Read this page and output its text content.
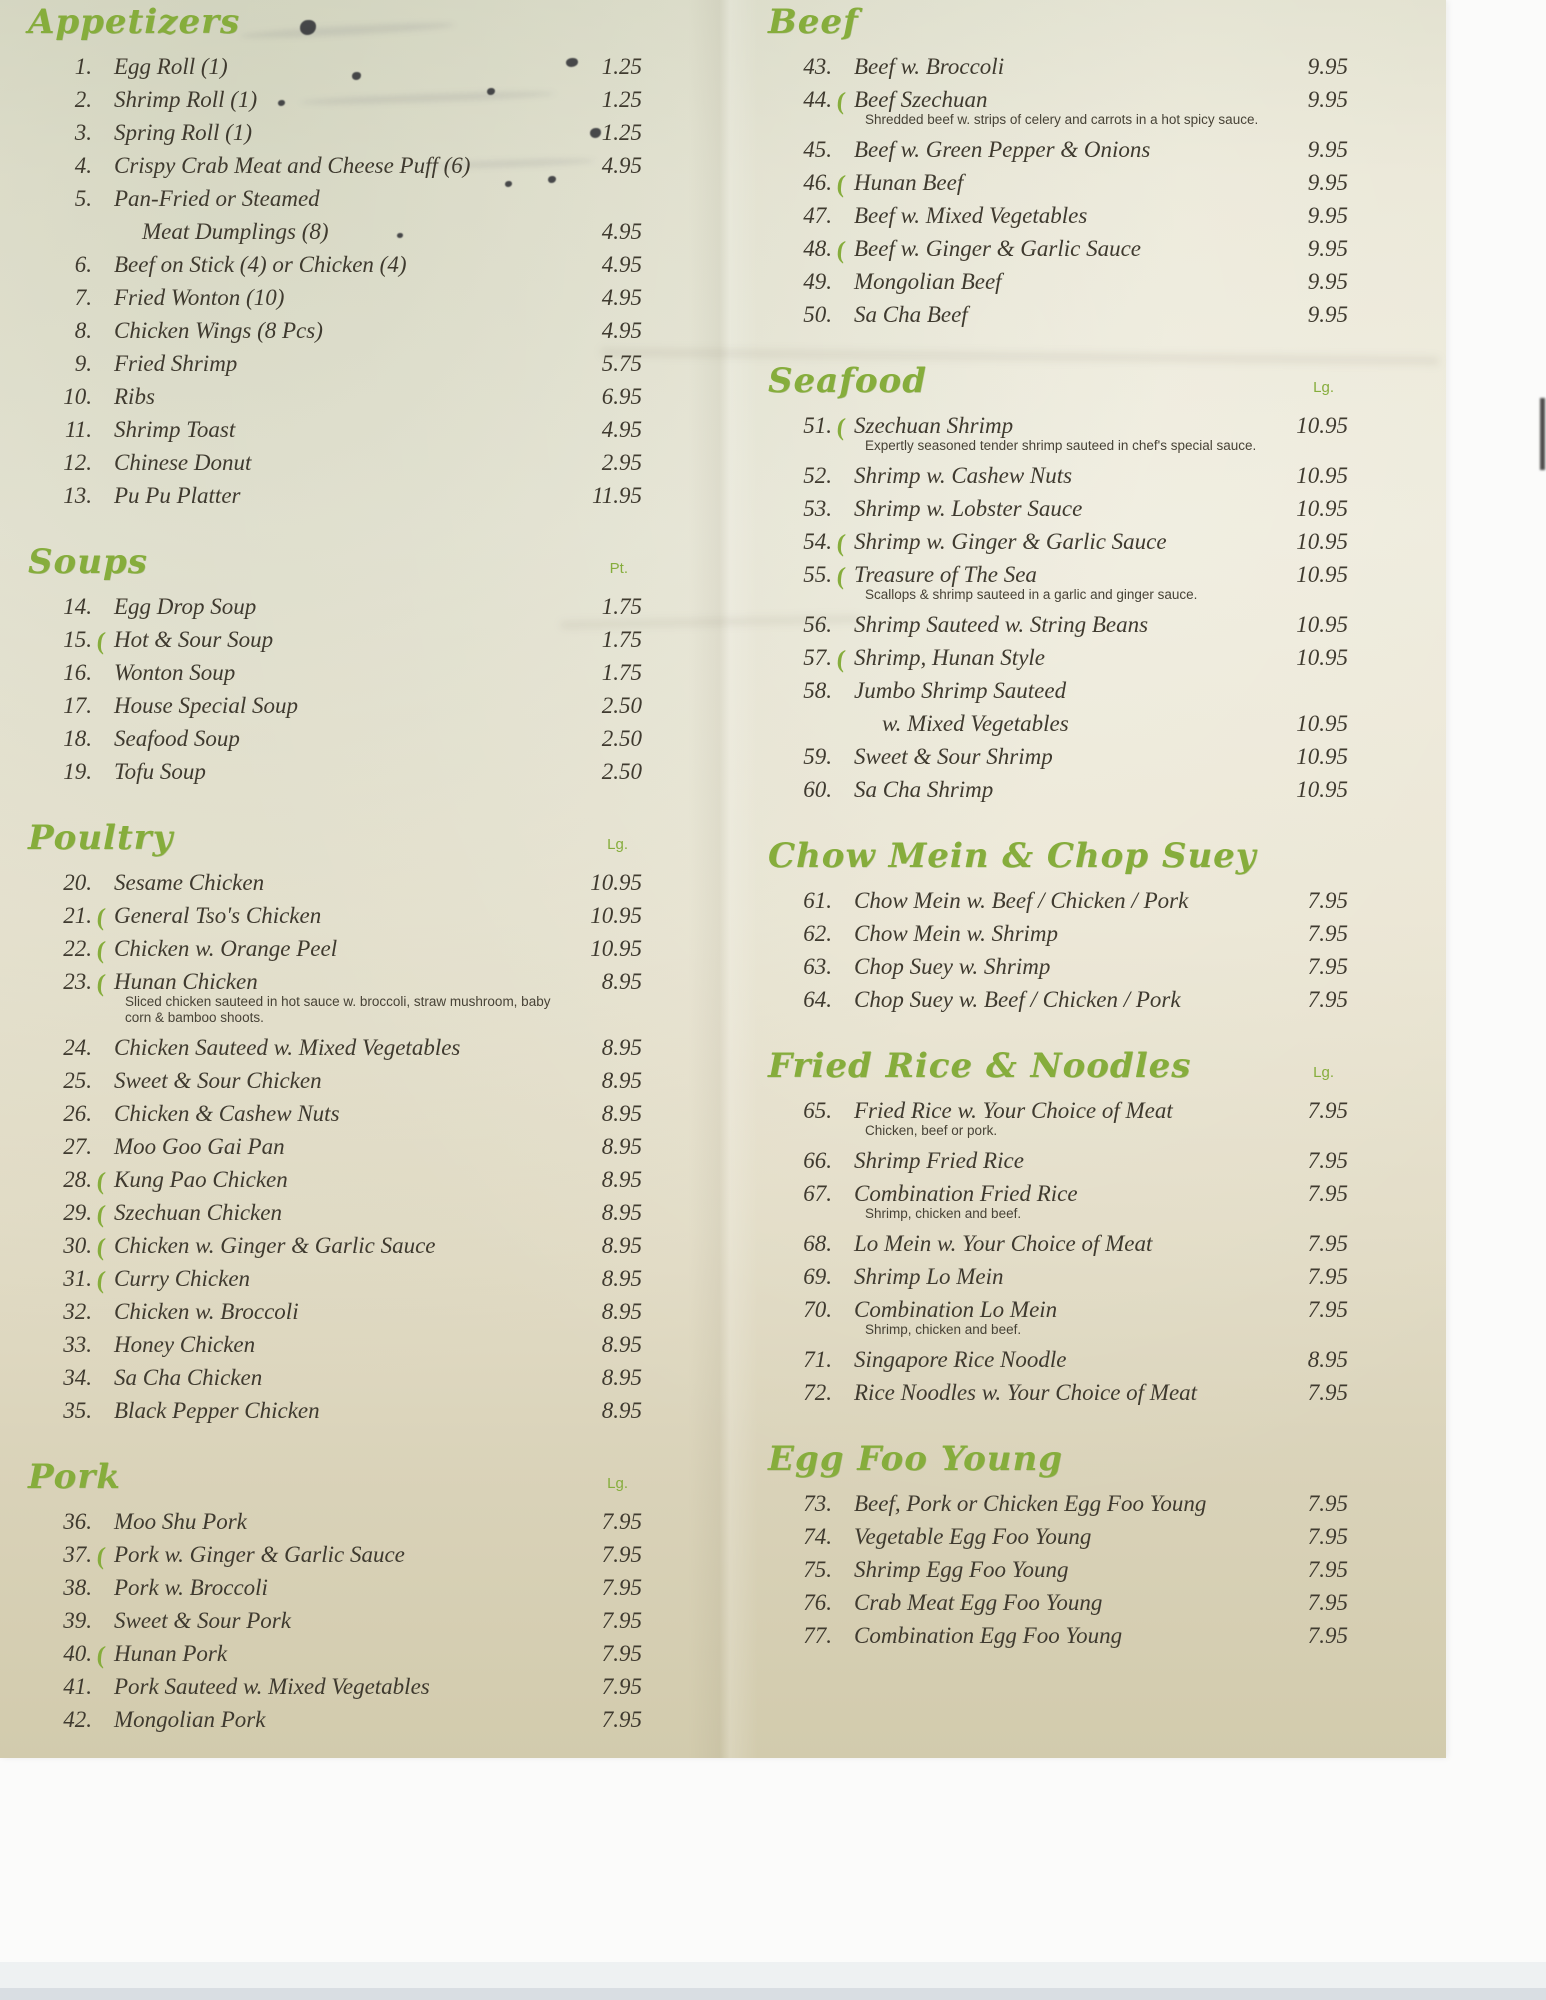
Appetizers
1. Egg Roll (1)	1.25
2. Shrimp Roll (1)	1.25
3. Spring Roll (1)	1.25
4. Crispy Crab Meat and Cheese Puff (6)	4.95
5. Pan-Fried or Steamed
Meat Dumplings (8)	4.95
6. Beef on Stick (4) or Chicken (4)	4.95
7. Fried Wonton (10)	4.95
8. Chicken Wings (8 Pcs)	4.95
9. Fried Shrimp	5.75
10. Ribs	6.95
11. Shrimp Toast	4.95
12. Chinese Donut	2.95
13. Pu Pu Platter	11.95
Soups	Pt.
14. Egg Drop Soup	1.75
15. ( Hot & Sour Soup	1.75
16. Wonton Soup	1.75
17. House Special Soup	2.50
18. Seafood Soup	2.50
19. Tofu Soup	2.50
Poultry	Lg.
20. Sesame Chicken	10.95
21. ( General Tso's Chicken	10.95
22. ( Chicken w. Orange Peel	10.95
23. ( Hunan Chicken	8.95
Sliced chicken sauteed in hot sauce w. broccoli, straw mushroom, baby corn & bamboo shoots.
24. Chicken Sauteed w. Mixed Vegetables	8.95
25. Sweet & Sour Chicken	8.95
26. Chicken & Cashew Nuts	8.95
27. Moo Goo Gai Pan	8.95
28. ( Kung Pao Chicken	8.95
29. ( Szechuan Chicken	8.95
30. ( Chicken w. Ginger & Garlic Sauce	8.95
31. ( Curry Chicken	8.95
32. Chicken w. Broccoli	8.95
33. Honey Chicken	8.95
34. Sa Cha Chicken	8.95
35. Black Pepper Chicken	8.95
Pork	Lg.
36. Moo Shu Pork	7.95
37. ( Pork w. Ginger & Garlic Sauce	7.95
38. Pork w. Broccoli	7.95
39. Sweet & Sour Pork	7.95
40. ( Hunan Pork	7.95
41. Pork Sauteed w. Mixed Vegetables	7.95
42. Mongolian Pork	7.95
Beef
43. Beef w. Broccoli	9.95
44. ( Beef Szechuan	9.95
Shredded beef w. strips of celery and carrots in a hot spicy sauce.
45. Beef w. Green Pepper & Onions	9.95
46. ( Hunan Beef	9.95
47. Beef w. Mixed Vegetables	9.95
48. ( Beef w. Ginger & Garlic Sauce	9.95
49. Mongolian Beef	9.95
50. Sa Cha Beef	9.95
Seafood	Lg.
51. ( Szechuan Shrimp	10.95
Expertly seasoned tender shrimp sauteed in chef's special sauce.
52. Shrimp w. Cashew Nuts	10.95
53. Shrimp w. Lobster Sauce	10.95
54. ( Shrimp w. Ginger & Garlic Sauce	10.95
55. ( Treasure of The Sea	10.95
Scallops & shrimp sauteed in a garlic and ginger sauce.
56. Shrimp Sauteed w. String Beans	10.95
57. ( Shrimp, Hunan Style	10.95
58. Jumbo Shrimp Sauteed
w. Mixed Vegetables	10.95
59. Sweet & Sour Shrimp	10.95
60. Sa Cha Shrimp	10.95
Chow Mein & Chop Suey
61. Chow Mein w. Beef / Chicken / Pork	7.95
62. Chow Mein w. Shrimp	7.95
63. Chop Suey w. Shrimp	7.95
64. Chop Suey w. Beef / Chicken / Pork	7.95
Fried Rice & Noodles	Lg.
65. Fried Rice w. Your Choice of Meat	7.95
Chicken, beef or pork.
66. Shrimp Fried Rice	7.95
67. Combination Fried Rice	7.95
Shrimp, chicken and beef.
68. Lo Mein w. Your Choice of Meat	7.95
69. Shrimp Lo Mein	7.95
70. Combination Lo Mein	7.95
Shrimp, chicken and beef.
71. Singapore Rice Noodle	8.95
72. Rice Noodles w. Your Choice of Meat	7.95
Egg Foo Young
73. Beef, Pork or Chicken Egg Foo Young	7.95
74. Vegetable Egg Foo Young	7.95
75. Shrimp Egg Foo Young	7.95
76. Crab Meat Egg Foo Young	7.95
77. Combination Egg Foo Young	7.95
